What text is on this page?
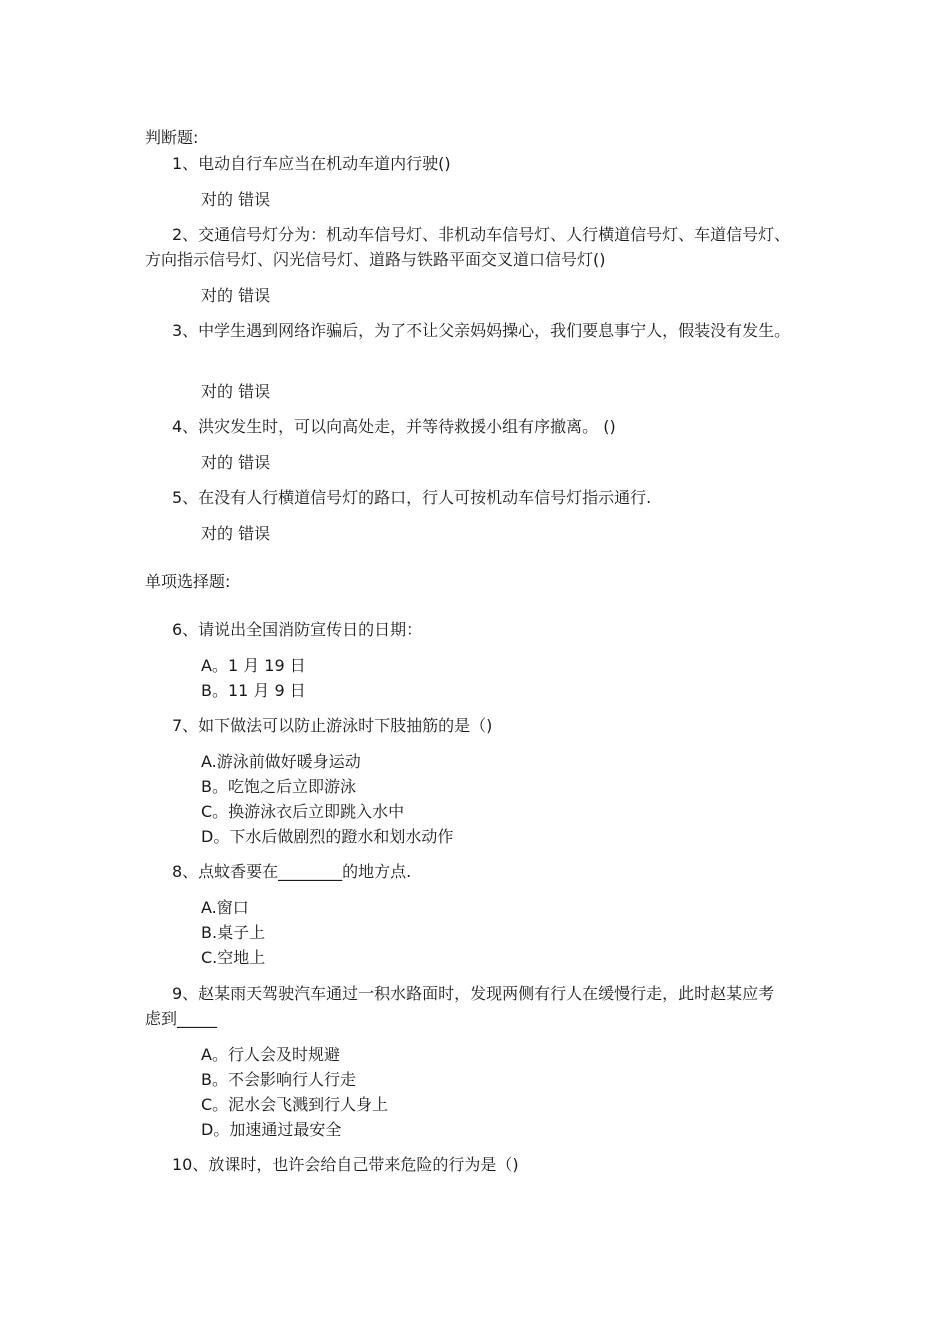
判断题:
1、电动自行车应当在机动车道内行驶()
对的 错误
2、交通信号灯分为：机动车信号灯、非机动车信号灯、人行横道信号灯、车道信号灯、
方向指示信号灯、闪光信号灯、道路与铁路平面交叉道口信号灯()
对的 错误
3、中学生遇到网络诈骗后，为了不让父亲妈妈操心，我们要息事宁人，假装没有发生。
对的 错误
4、洪灾发生时，可以向高处走，并等待救援小组有序撤离。 ()
对的 错误
5、在没有人行横道信号灯的路口，行人可按机动车信号灯指示通行.
对的 错误
单项选择题:
6、请说出全国消防宣传日的日期：
A。1 月 19 日
B。11 月 9 日
7、如下做法可以防止游泳时下肢抽筋的是（)
A.游泳前做好暖身运动
B。吃饱之后立即游泳
C。换游泳衣后立即跳入水中
D。下水后做剧烈的蹬水和划水动作
8、点蚊香要在________的地方点.
A.窗口
B.桌子上
C.空地上
9、赵某雨天驾驶汽车通过一积水路面时，发现两侧有行人在缓慢行走，此时赵某应考
虑到_____
A。行人会及时规避
B。不会影响行人行走
C。泥水会飞溅到行人身上
D。加速通过最安全
10、放课时，也许会给自己带来危险的行为是（)
